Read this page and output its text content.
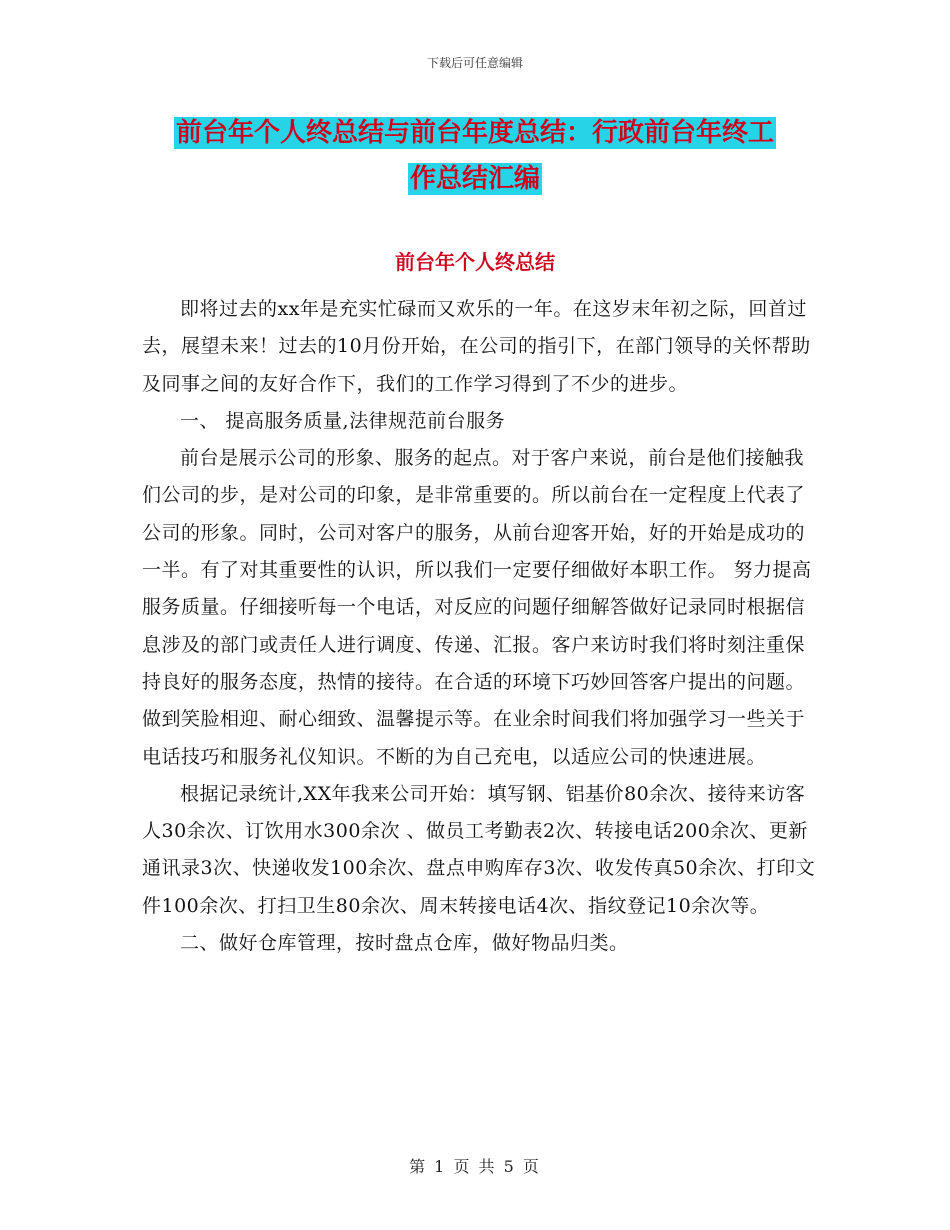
下载后可任意编辑
前台年个人终总结与前台年度总结：行政前台年终工
作总结汇编
前台年个人终总结

即将过去的xx年是充实忙碌而又欢乐的一年。在这岁末年初之际，回首过去，展望未来！过去的10月份开始，在公司的指引下，在部门领导的关怀帮助及同事之间的友好合作下，我们的工作学习得到了不少的进步。

一、 提高服务质量,法律规范前台服务

前台是展示公司的形象、服务的起点。对于客户来说，前台是他们接触我们公司的步，是对公司的印象，是非常重要的。所以前台在一定程度上代表了公司的形象。同时，公司对客户的服务，从前台迎客开始，好的开始是成功的一半。有了对其重要性的认识，所以我们一定要仔细做好本职工作。 努力提高服务质量。仔细接听每一个电话，对反应的问题仔细解答做好记录同时根据信息涉及的部门或责任人进行调度、传递、汇报。客户来访时我们将时刻注重保持良好的服务态度，热情的接待。在合适的环境下巧妙回答客户提出的问题。做到笑脸相迎、耐心细致、温馨提示等。在业余时间我们将加强学习一些关于电话技巧和服务礼仪知识。不断的为自己充电，以适应公司的快速进展。

根据记录统计,XX年我来公司开始：填写钢、铝基价80余次、接待来访客人30余次、订饮用水300余次 、做员工考勤表2次、转接电话200余次、更新通讯录3次、快递收发100余次、盘点申购库存3次、收发传真50余次、打印文件100余次、打扫卫生80余次、周末转接电话4次、指纹登记10余次等。

二、做好仓库管理，按时盘点仓库，做好物品归类。

第 1 页 共 5 页
